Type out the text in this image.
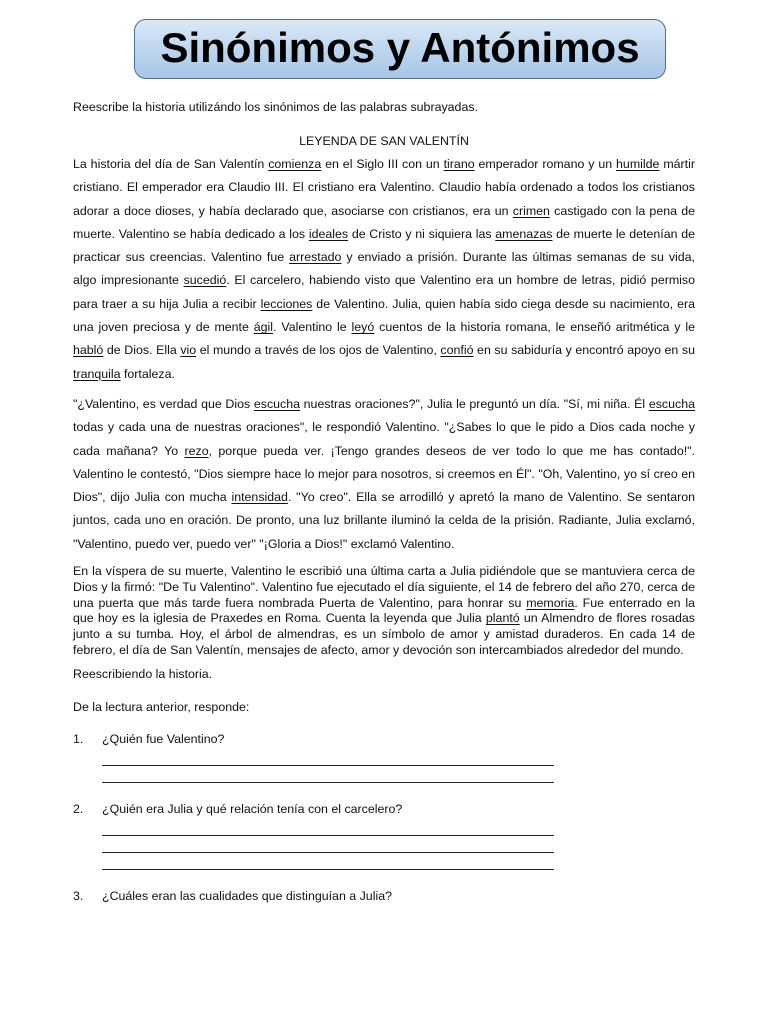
Sinónimos y Antónimos

Reescribe la historia utilizándo los sinónimos de las palabras subrayadas.

LEYENDA DE SAN VALENTÍN

La historia del día de San Valentín comienza en el Siglo III con un tirano emperador romano y un humilde mártir cristiano. El emperador era Claudio III. El cristiano era Valentino. Claudio había ordenado a todos los cristianos adorar a doce dioses, y había declarado que, asociarse con cristianos, era un crimen castigado con la pena de muerte. Valentino se había dedicado a los ideales de Cristo y ni siquiera las amenazas de muerte le detenían de practicar sus creencias. Valentino fue arrestado y enviado a prisión. Durante las últimas semanas de su vida, algo impresionante sucedió. El carcelero, habiendo visto que Valentino era un hombre de letras, pidió permiso para traer a su hija Julia a recibir lecciones de Valentino. Julia, quien había sido ciega desde su nacimiento, era una joven preciosa y de mente ágil. Valentino le leyó cuentos de la historia romana, le enseñó aritmética y le habló de Dios. Ella vio el mundo a través de los ojos de Valentino, confió en su sabiduría y encontró apoyo en su tranquila fortaleza.

"¿Valentino, es verdad que Dios escucha nuestras oraciones?", Julia le preguntó un día. "Sí, mi niña. Él escucha todas y cada una de nuestras oraciones", le respondió Valentino. "¿Sabes lo que le pido a Dios cada noche y cada mañana? Yo rezo, porque pueda ver. ¡Tengo grandes deseos de ver todo lo que me has contado!". Valentino le contestó, "Dios siempre hace lo mejor para nosotros, si creemos en Él". "Oh, Valentino, yo sí creo en Dios", dijo Julia con mucha intensidad. "Yo creo". Ella se arrodilló y apretó la mano de Valentino. Se sentaron juntos, cada uno en oración. De pronto, una luz brillante iluminó la celda de la prisión. Radiante, Julia exclamó, "Valentino, puedo ver, puedo ver" "¡Gloria a Dios!" exclamó Valentino.

En la víspera de su muerte, Valentino le escribió una última carta a Julia pidiéndole que se mantuviera cerca de Dios y la firmó: "De Tu Valentino". Valentino fue ejecutado el día siguiente, el 14 de febrero del año 270, cerca de una puerta que más tarde fuera nombrada Puerta de Valentino, para honrar su memoria. Fue enterrado en la que hoy es la iglesia de Praxedes en Roma. Cuenta la leyenda que Julia plantó un Almendro de flores rosadas junto a su tumba. Hoy, el árbol de almendras, es un símbolo de amor y amistad duraderos. En cada 14 de febrero, el día de San Valentín, mensajes de afecto, amor y devoción son intercambiados alrededor del mundo.

Reescribiendo la historia.

De la lectura anterior, responde:

1. ¿Quién fue Valentino?
2. ¿Quién era Julia y qué relación tenía con el carcelero?
3. ¿Cuáles eran las cualidades que distinguían a Julia?
